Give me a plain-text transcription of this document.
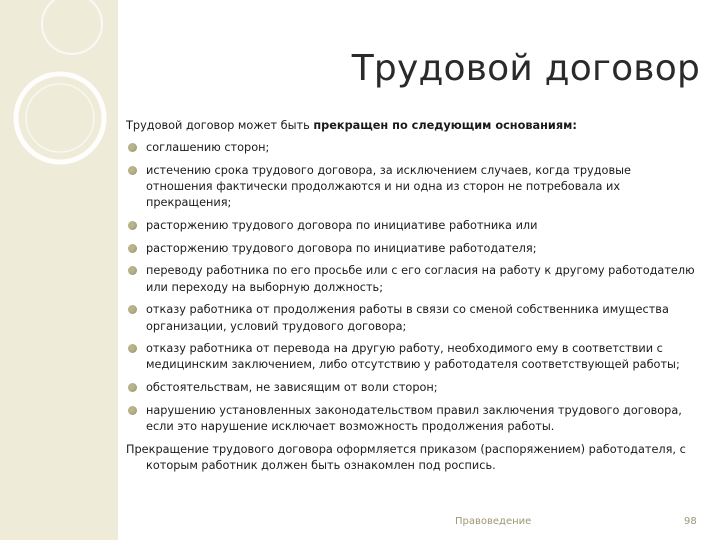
Трудовой договор

Трудовой договор может быть прекращен по следующим основаниям:

соглашению сторон;
истечению срока трудового договора, за исключением случаев, когда трудовые отношения фактически продолжаются и ни одна из сторон не потребовала их прекращения;
расторжению трудового договора по инициативе работника или
расторжению трудового договора по инициативе работодателя;
переводу работника по его просьбе или с его согласия на работу к другому работодателю или переходу на выборную должность;
отказу работника от продолжения работы в связи со сменой собственника имущества организации, условий трудового договора;
отказу работника от перевода на другую работу, необходимого ему в соответствии с медицинским заключением, либо отсутствию у работодателя соответствующей работы;
обстоятельствам, не зависящим от воли сторон;
нарушению установленных законодательством правил заключения трудового договора, если это нарушение исключает возможность продолжения работы.

Прекращение трудового договора оформляется приказом (распоряжением) работодателя, с которым работник должен быть ознакомлен под роспись.

Правоведение	98
